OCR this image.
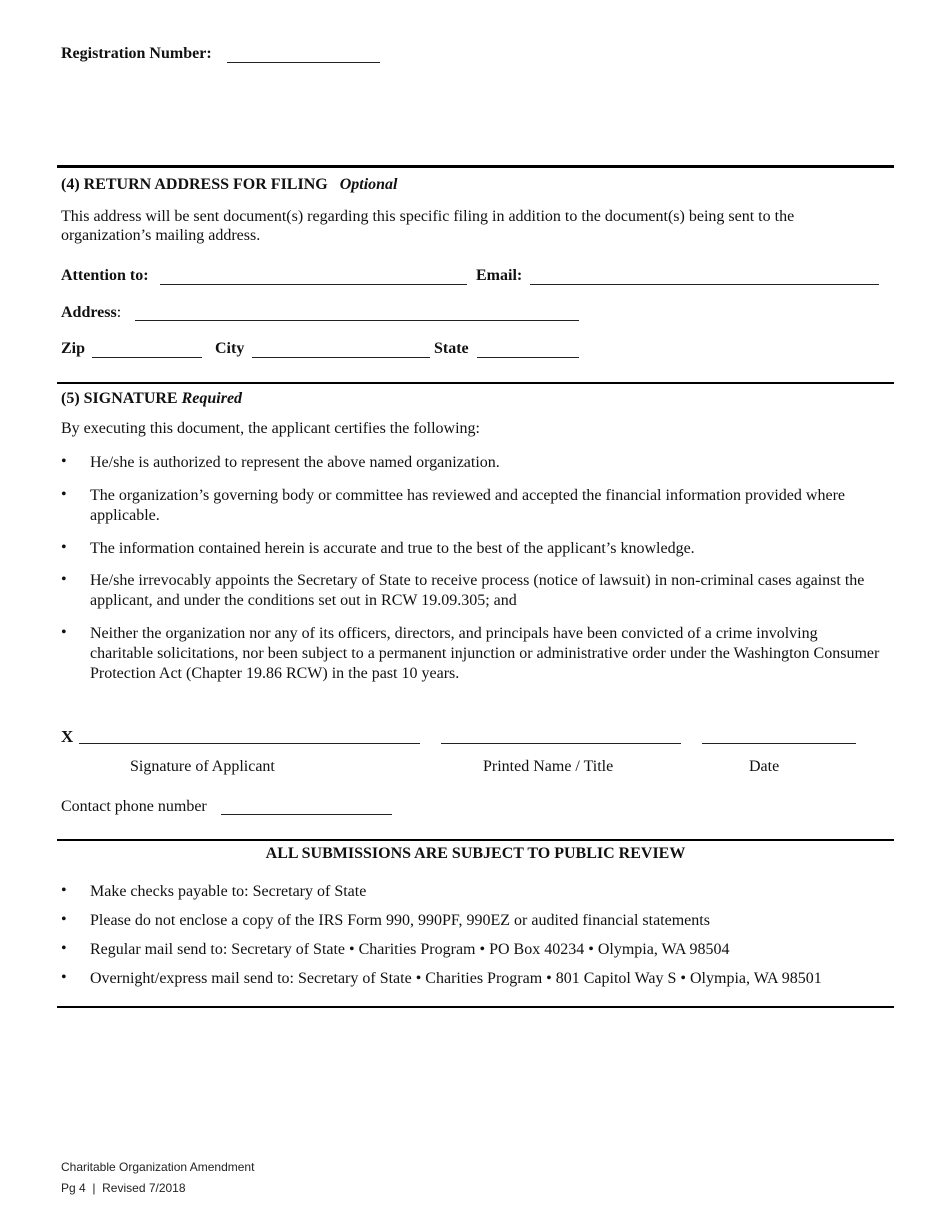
Registration Number:
(4) RETURN ADDRESS FOR FILING Optional
This address will be sent document(s) regarding this specific filing in addition to the document(s) being sent to the organization’s mailing address.
Attention to:	Email:
Address:
Zip	City	State
(5) SIGNATURE Required
By executing this document, the applicant certifies the following:
• He/she is authorized to represent the above named organization.
• The organization’s governing body or committee has reviewed and accepted the financial information provided where applicable.
• The information contained herein is accurate and true to the best of the applicant’s knowledge.
• He/she irrevocably appoints the Secretary of State to receive process (notice of lawsuit) in non-criminal cases against the applicant, and under the conditions set out in RCW 19.09.305; and
• Neither the organization nor any of its officers, directors, and principals have been convicted of a crime involving charitable solicitations, nor been subject to a permanent injunction or administrative order under the Washington Consumer Protection Act (Chapter 19.86 RCW) in the past 10 years.
X
Signature of Applicant	Printed Name / Title	Date
Contact phone number
ALL SUBMISSIONS ARE SUBJECT TO PUBLIC REVIEW
• Make checks payable to: Secretary of State
• Please do not enclose a copy of the IRS Form 990, 990PF, 990EZ or audited financial statements
• Regular mail send to: Secretary of State • Charities Program • PO Box 40234 • Olympia, WA 98504
• Overnight/express mail send to: Secretary of State • Charities Program • 801 Capitol Way S • Olympia, WA 98501
Charitable Organization Amendment
Pg 4  |  Revised 7/2018
